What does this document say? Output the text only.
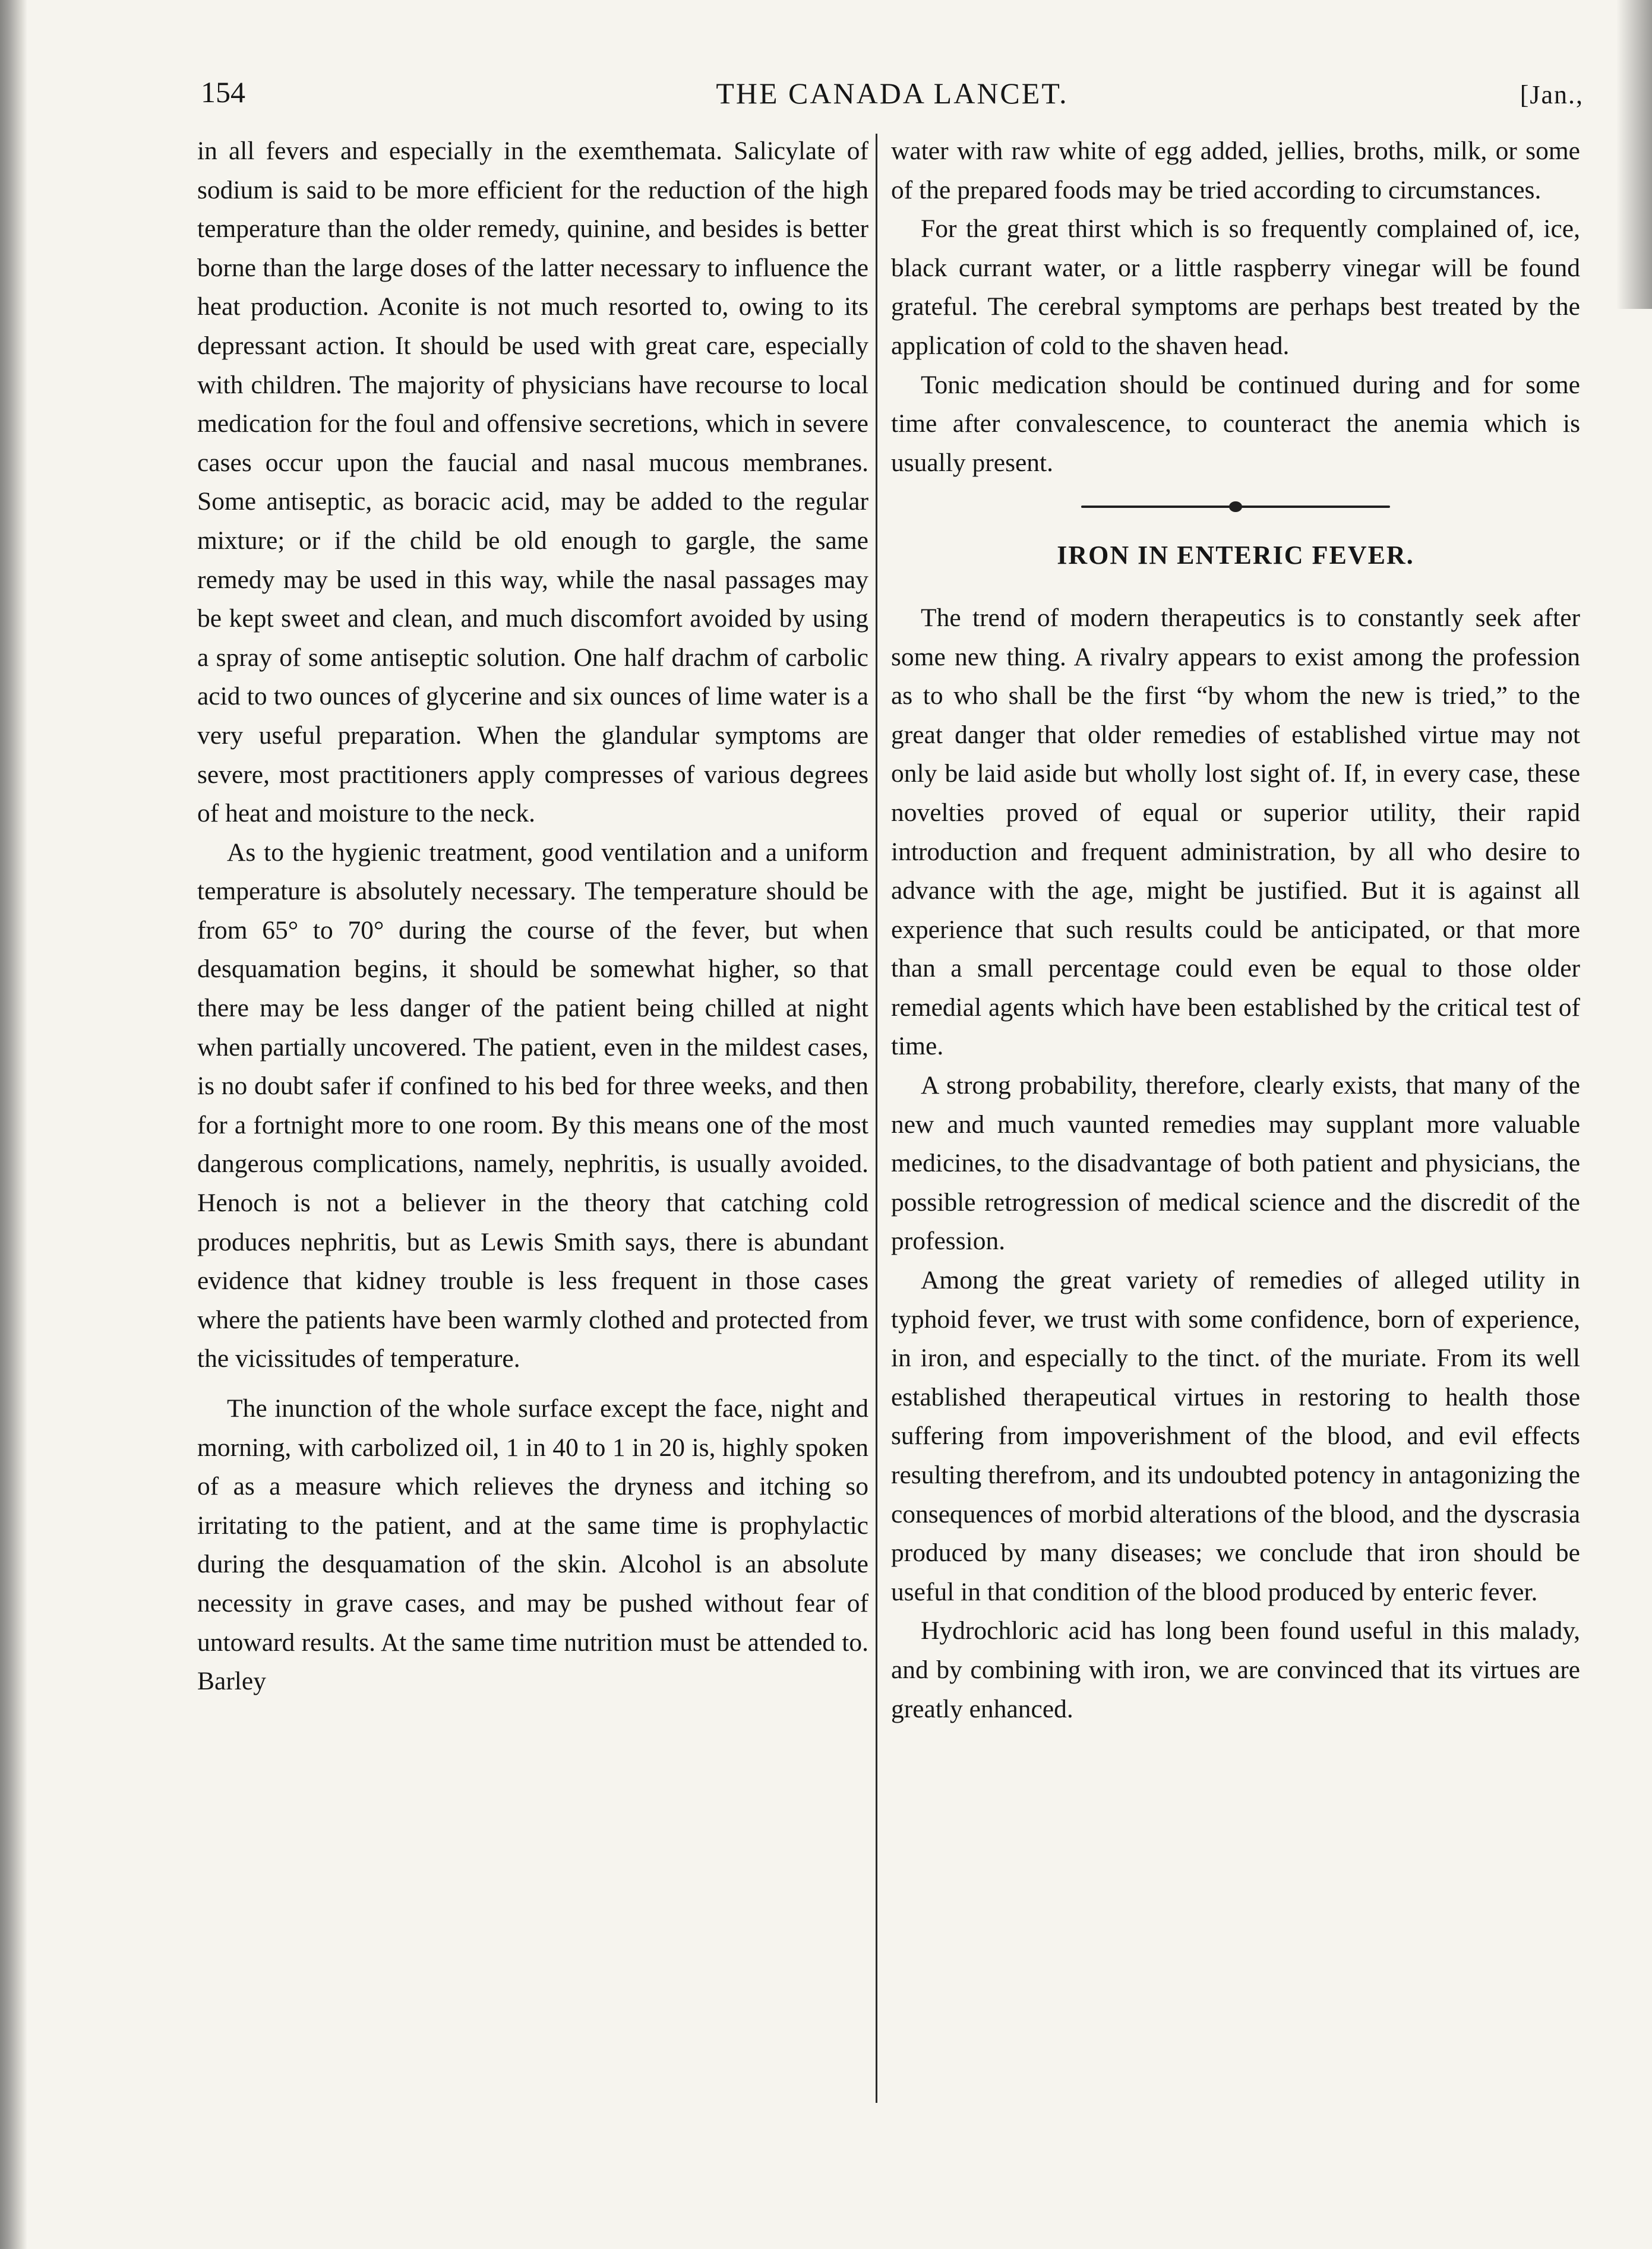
154	THE CANADA LANCET.	[Jan.,

in all fevers and especially in the exemthemata. Salicylate of sodium is said to be more efficient for the reduction of the high temperature than the older remedy, quinine, and besides is better borne than the large doses of the latter necessary to influence the heat production. Aconite is not much resorted to, owing to its depressant action. It should be used with great care, especially with children. The majority of physicians have recourse to local medication for the foul and offensive secretions, which in severe cases occur upon the faucial and nasal mucous membranes. Some antiseptic, as boracic acid, may be added to the regular mixture; or if the child be old enough to gargle, the same remedy may be used in this way, while the nasal passages may be kept sweet and clean, and much discomfort avoided by using a spray of some antiseptic solution. One half drachm of carbolic acid to two ounces of glycerine and six ounces of lime water is a very useful preparation. When the glandular symptoms are severe, most practitioners apply compresses of various degrees of heat and moisture to the neck.

As to the hygienic treatment, good ventilation and a uniform temperature is absolutely necessary. The temperature should be from 65° to 70° during the course of the fever, but when desquamation begins, it should be somewhat higher, so that there may be less danger of the patient being chilled at night when partially uncovered. The patient, even in the mildest cases, is no doubt safer if confined to his bed for three weeks, and then for a fortnight more to one room. By this means one of the most dangerous complications, namely, nephritis, is usually avoided. Henoch is not a believer in the theory that catching cold produces nephritis, but as Lewis Smith says, there is abundant evidence that kidney trouble is less frequent in those cases where the patients have been warmly clothed and protected from the vicissitudes of temperature.

The inunction of the whole surface except the face, night and morning, with carbolized oil, 1 in 40 to 1 in 20 is, highly spoken of as a measure which relieves the dryness and itching so irritating to the patient, and at the same time is prophylactic during the desquamation of the skin. Alcohol is an absolute necessity in grave cases, and may be pushed without fear of untoward results. At the same time nutrition must be attended to. Barley

water with raw white of egg added, jellies, broths, milk, or some of the prepared foods may be tried according to circumstances.

For the great thirst which is so frequently complained of, ice, black currant water, or a little raspberry vinegar will be found grateful. The cerebral symptoms are perhaps best treated by the application of cold to the shaven head.

Tonic medication should be continued during and for some time after convalescence, to counteract the anemia which is usually present.

IRON IN ENTERIC FEVER.

The trend of modern therapeutics is to constantly seek after some new thing. A rivalry appears to exist among the profession as to who shall be the first “by whom the new is tried,” to the great danger that older remedies of established virtue may not only be laid aside but wholly lost sight of. If, in every case, these novelties proved of equal or superior utility, their rapid introduction and frequent administration, by all who desire to advance with the age, might be justified. But it is against all experience that such results could be anticipated, or that more than a small percentage could even be equal to those older remedial agents which have been established by the critical test of time.

A strong probability, therefore, clearly exists, that many of the new and much vaunted remedies may supplant more valuable medicines, to the disadvantage of both patient and physicians, the possible retrogression of medical science and the discredit of the profession.

Among the great variety of remedies of alleged utility in typhoid fever, we trust with some confidence, born of experience, in iron, and especially to the tinct. of the muriate. From its well established therapeutical virtues in restoring to health those suffering from impoverishment of the blood, and evil effects resulting therefrom, and its undoubted potency in antagonizing the consequences of morbid alterations of the blood, and the dyscrasia produced by many diseases; we conclude that iron should be useful in that condition of the blood produced by enteric fever.

Hydrochloric acid has long been found useful in this malady, and by combining with iron, we are convinced that its virtues are greatly enhanced.
